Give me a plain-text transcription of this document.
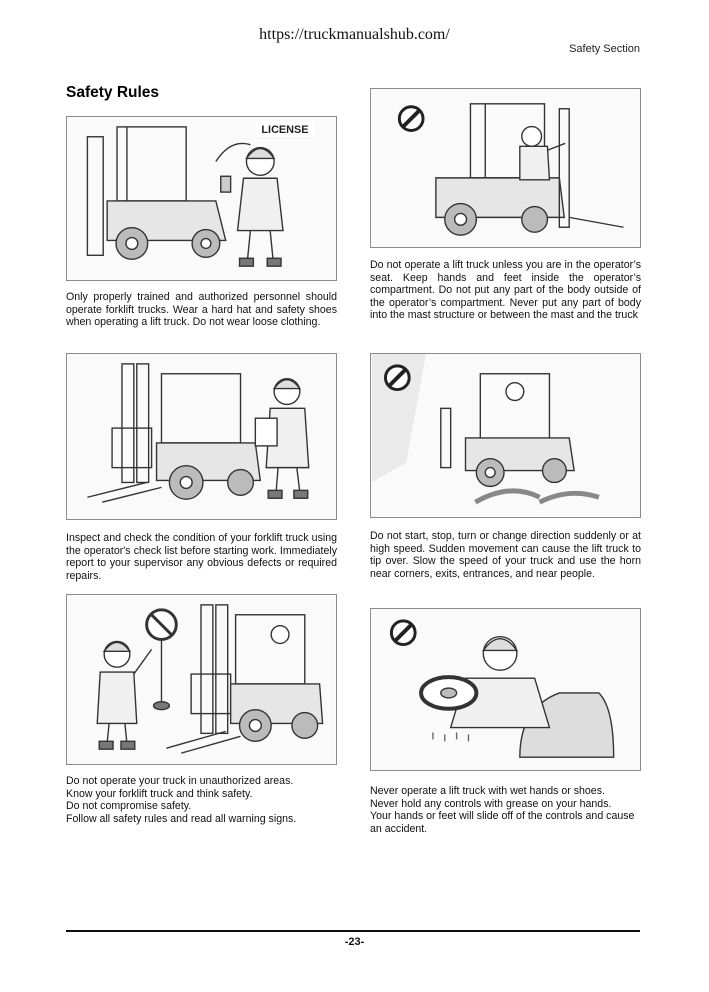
https://truckmanualshub.com/
Safety Section
Safety Rules
LICENSE

Only properly trained and authorized personnel should operate forklift trucks. Wear a hard hat and safety shoes when operating a lift truck. Do not wear loose clothing.

Inspect and check the condition of your forklift truck using the operator's check list before starting work. Immediately report to your supervisor any obvious defects or required repairs.

Do not operate your truck in unauthorized areas.

Know your forklift truck and think safety.

Do not compromise safety.

Follow all safety rules and read all warning signs.

Do not operate a lift truck unless you are in the operator’s seat. Keep hands and feet inside the operator’s compartment. Do not put any part of the body outside of the operator’s compartment. Never put any part of body into the mast structure or between the mast and the truck

Do not start, stop, turn or change direction suddenly or at high speed. Sudden movement can cause the lift truck to tip over. Slow the speed of your truck and use the horn near corners, exits, entrances, and near people.

Never operate a lift truck with wet hands or shoes.

Never hold any controls with grease on your hands.

Your hands or feet will slide off of the controls and cause an accident.

-23-
